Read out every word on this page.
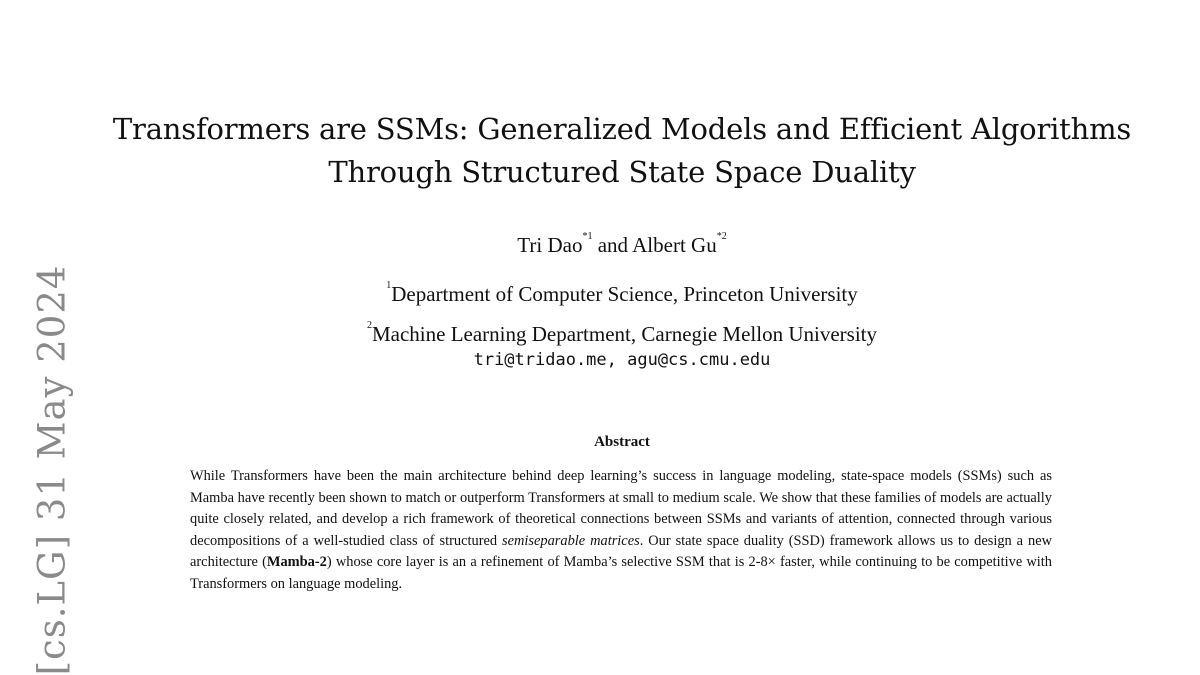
[cs.LG] 31 May 2024
Transformers are SSMs: Generalized Models and Efficient Algorithms
Through Structured State Space Duality
Tri Dao$^{*1}$ and Albert Gu$^{*2}$
$^1$Department of Computer Science, Princeton University
$^2$Machine Learning Department, Carnegie Mellon University
tri@tridao.me, agu@cs.cmu.edu
Abstract
While Transformers have been the main architecture behind deep learning’s success in language modeling, state-space models (SSMs) such as Mamba have recently been shown to match or outperform Transformers at small to medium scale. We show that these families of models are actually quite closely related, and develop a rich framework of theoretical connections between SSMs and variants of attention, connected through various decompositions of a well-studied class of structured semiseparable matrices. Our state space duality (SSD) framework allows us to design a new architecture (Mamba-2) whose core layer is an a refinement of Mamba’s selective SSM that is 2-8× faster, while continuing to be competitive with Transformers on language modeling.
